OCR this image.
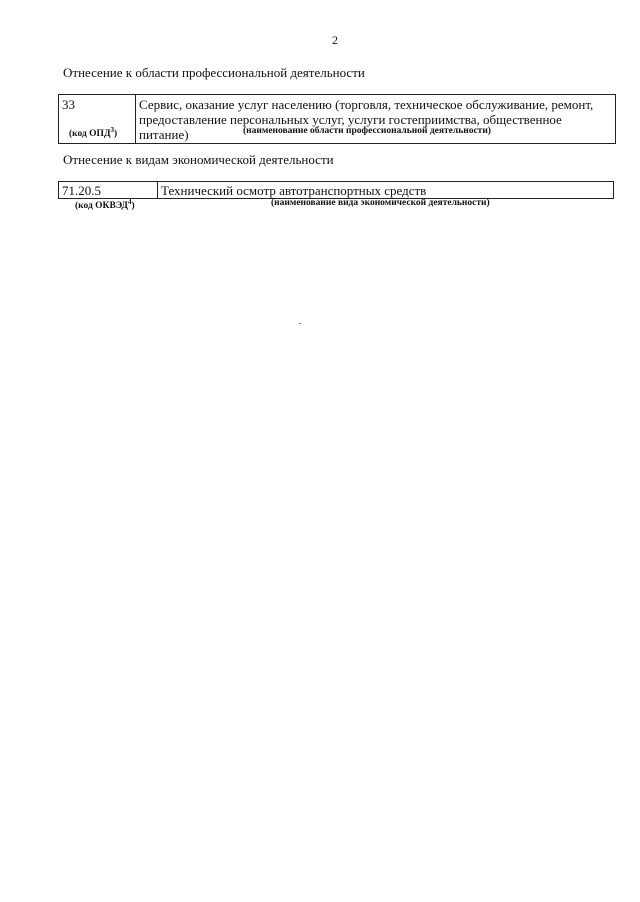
2
Отнесение к области профессиональной деятельности
33	Сервис, оказание услуг населению (торговля, техническое обслуживание, ремонт,
предоставление персональных услуг, услуги гостеприимства, общественное питание)
(код ОПД$^3$)	(наименование области профессиональной деятельности)
Отнесение к видам экономической деятельности
71.20.5	Технический осмотр автотранспортных средств
(код ОКВЭД$^4$)	(наименование вида экономической деятельности)
